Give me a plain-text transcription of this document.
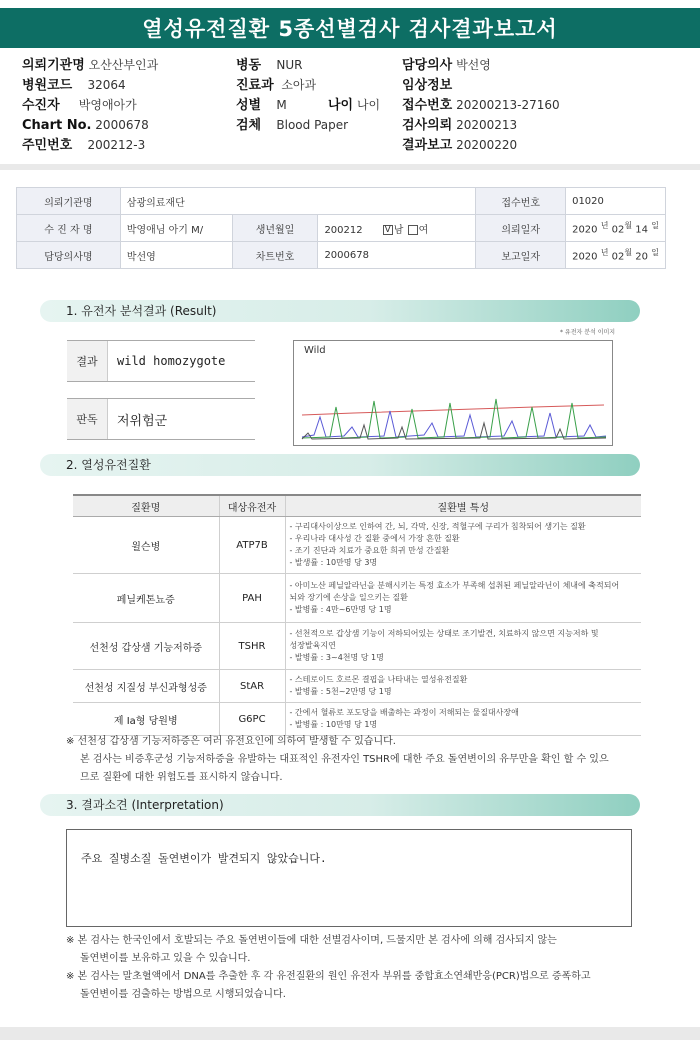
열성유전질환 5종선별검사 검사결과보고서
의뢰기관명 오산산부인과
병원코드 32064
수진자 박영애아가
Chart No. 2000678
주민번호 200212-3
병동 NUR
진료과 소아과
성별 M	나이 나이
검체 Blood Paper
담당의사 박선영
임상정보
접수번호 20200213-27160
검사의뢰 20200213
결과보고 20200220
의뢰기관명	삼광의료재단			접수번호	01020
수 진 자 명	박영애님 아기 M/	생년월일	200212 V 남 여	의뢰일자	2020 $^년$ $02^월$ 14 $^일$
담당의사명	박선영	차트번호	2000678	보고일자	2020 $^년$ $02^월$ 20 $^일$
1. 유전자 분석결과 (Result)
결과	wild homozygote
판독	저위험군
* 유전자 분석 이미지
Wild
2. 열성유전질환
질환명	대상유전자	질환별 특성
윌슨병	ATP7B	- 구리대사이상으로 인하여 간, 뇌, 각막, 신장, 적혈구에 구리가 침착되어 생기는 질환
- 우리나라 대사성 간 질환 중에서 가장 흔한 질환
- 조기 진단과 치료가 중요한 희귀 만성 간질환
- 발생률 : 10만명 당 3명

페닐케톤뇨증	PAH	- 아미노산 페닐알라닌을 분해시키는 특정 효소가 부족해 섭취된 페닐알라닌이 체내에 축적되어
뇌와 장기에 손상을 일으키는 질환
- 발병률 : 4만~6만명 당 1명

선천성 갑상샘 기능저하증	TSHR	- 선천적으로 갑상샘 기능이 저하되어있는 상태로 조기발견, 치료하지 않으면 지능저하 및
성장발육지연
- 발병률 : 3~4천명 당 1명

선천성 지질성 부신과형성증	StAR	- 스테로이드 호르몬 결핍을 나타내는 열성유전질환
- 발병률 : 5천~2만명 당 1명

제 Ia형 당원병	G6PC	- 간에서 혈류로 포도당을 배출하는 과정이 저해되는 물질대사장애
- 발병률 : 10만명 당 1명
※ 선천성 갑상샘 기능저하증은 여러 유전요인에 의하여 발생할 수 있습니다.
본 검사는 비증후군성 기능저하증을 유발하는 대표적인 유전자인 TSHR에 대한 주요 돌연변이의 유무만을 확인 할 수 있으
므로 질환에 대한 위험도를 표시하지 않습니다.
3. 결과소견 (Interpretation)
주요 질병소질 돌연변이가 발견되지 않았습니다.
※ 본 검사는 한국인에서 호발되는 주요 돌연변이들에 대한 선별검사이며, 드물지만 본 검사에 의해 검사되지 않는
돌연변이를 보유하고 있을 수 있습니다.
※ 본 검사는 말초혈액에서 DNA를 추출한 후 각 유전질환의 원인 유전자 부위를 중합효소연쇄반응(PCR)법으로 증폭하고
돌연변이를 검출하는 방법으로 시행되었습니다.
